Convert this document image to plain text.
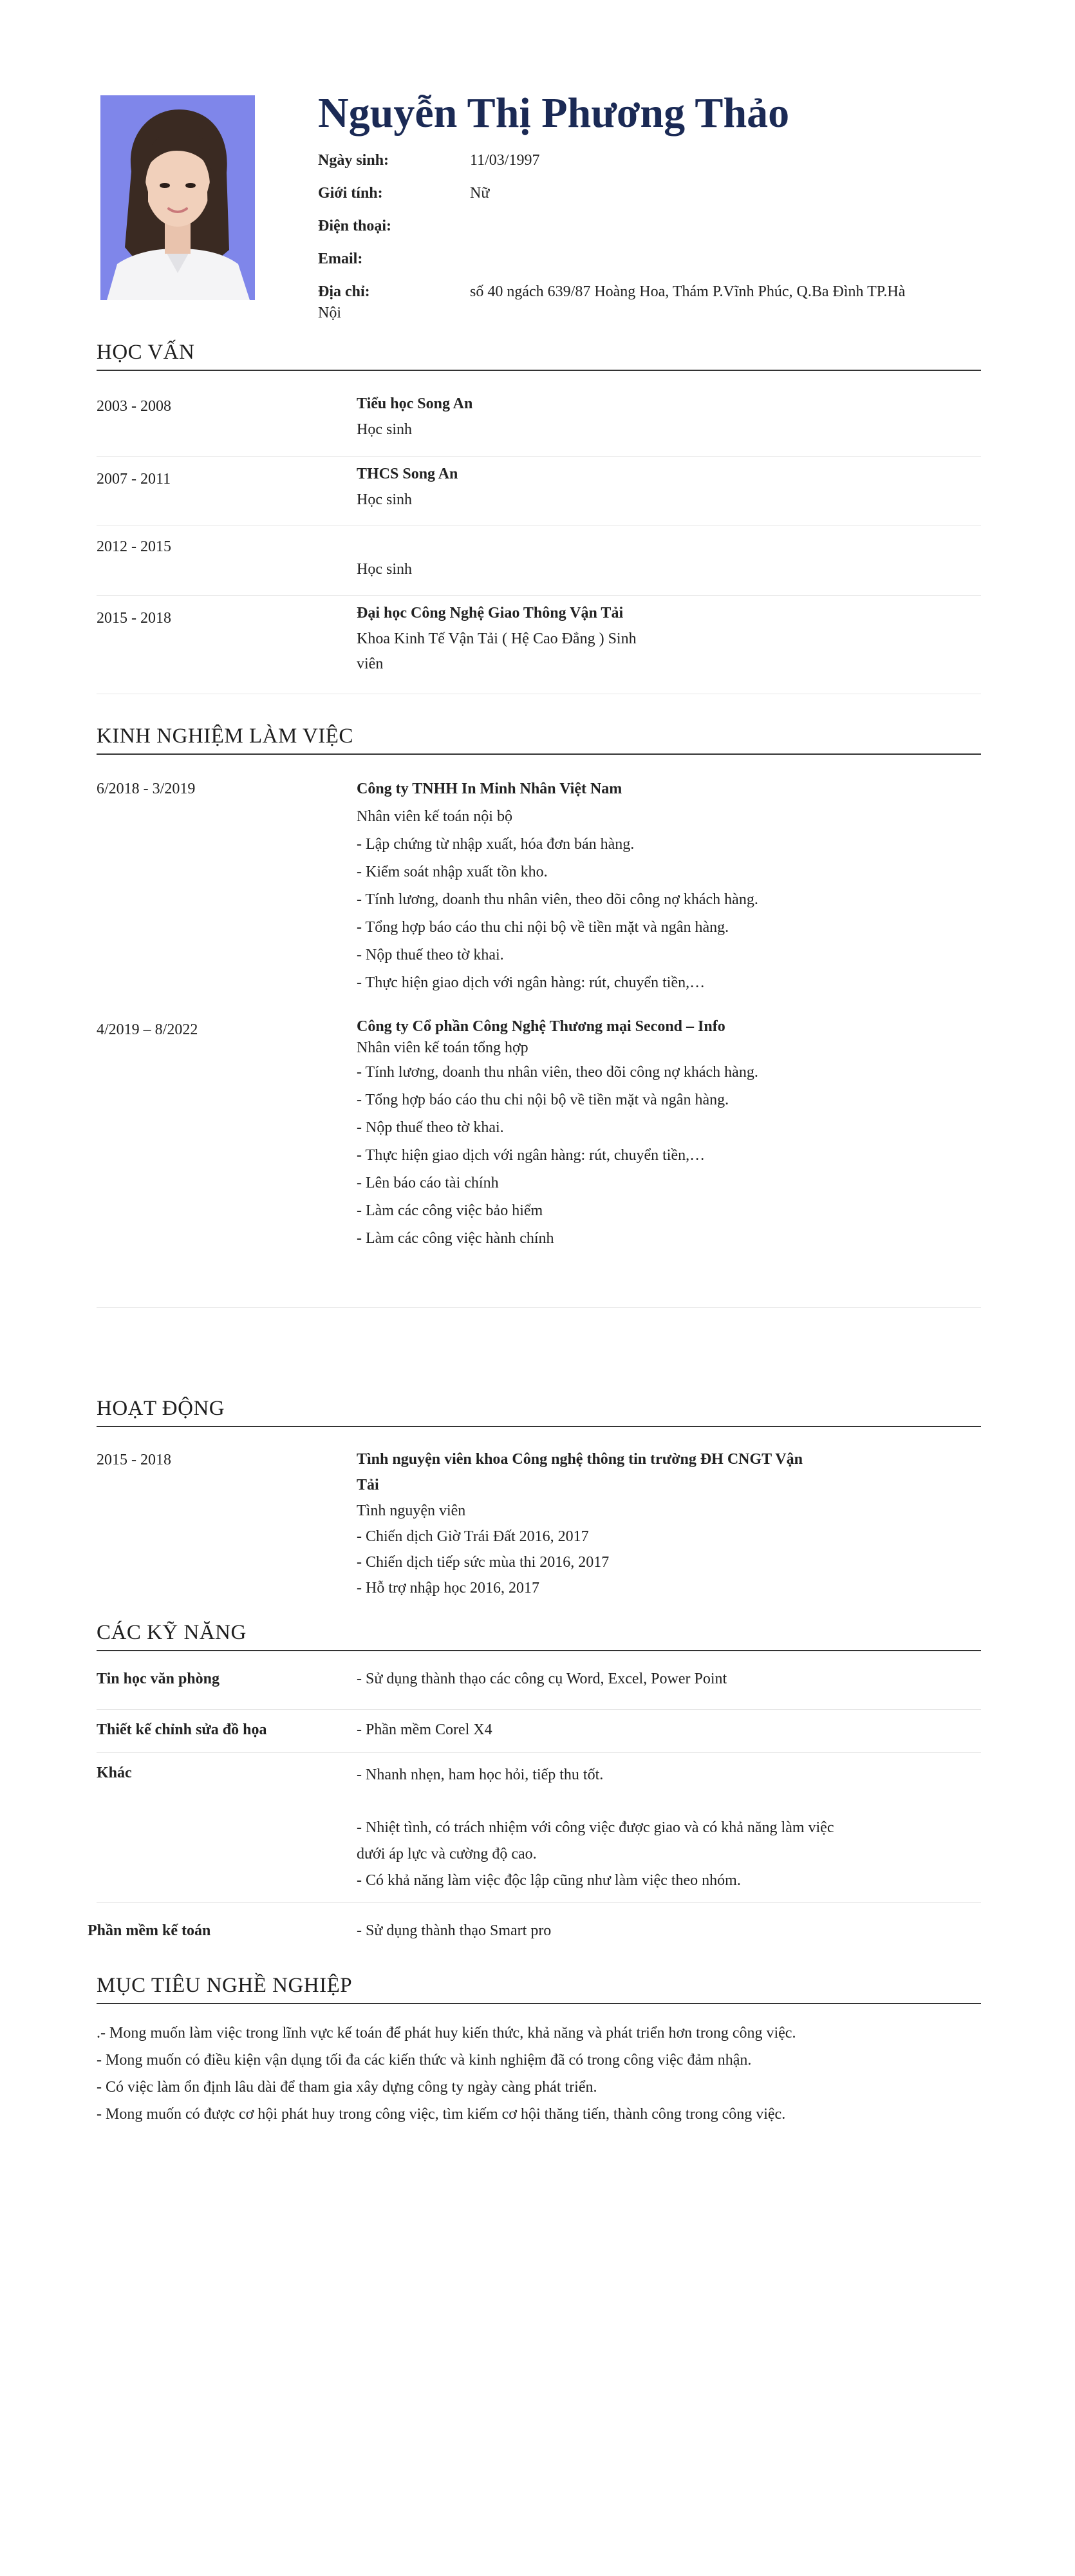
Nguyễn Thị Phương Thảo
Ngày sinh:	11/03/1997
Giới tính:	Nữ
Điện thoại:
Email:
Địa chỉ:	số 40 ngách 639/87 Hoàng Hoa, Thám P.Vĩnh Phúc, Q.Ba Đình TP.Hà
Nội
HỌC VẤN
2003 - 2008	Tiểu học Song An
Học sinh
2007 - 2011	THCS Song An
Học sinh
2012 - 2015
Học sinh
2015 - 2018	Đại học Công Nghệ Giao Thông Vận Tải
Khoa Kinh Tế Vận Tải ( Hệ Cao Đẳng ) Sinh
viên
KINH NGHIỆM LÀM VIỆC
6/2018 - 3/2019	Công ty TNHH In Minh Nhân Việt Nam
Nhân viên kế toán nội bộ
- Lập chứng từ nhập xuất, hóa đơn bán hàng.
- Kiểm soát nhập xuất tồn kho.
- Tính lương, doanh thu nhân viên, theo dõi công nợ khách hàng.
- Tổng hợp báo cáo thu chi nội bộ về tiền mặt và ngân hàng.
- Nộp thuế theo tờ khai.
- Thực hiện giao dịch với ngân hàng: rút, chuyển tiền,…
4/2019 – 8/2022	Công ty Cổ phần Công Nghệ Thương mại Second – Info
Nhân viên kế toán tổng hợp
- Tính lương, doanh thu nhân viên, theo dõi công nợ khách hàng.
- Tổng hợp báo cáo thu chi nội bộ về tiền mặt và ngân hàng.
- Nộp thuế theo tờ khai.
- Thực hiện giao dịch với ngân hàng: rút, chuyển tiền,…
- Lên báo cáo tài chính
- Làm các công việc bảo hiểm
- Làm các công việc hành chính
HOẠT ĐỘNG
2015 - 2018	Tình nguyện viên khoa Công nghệ thông tin trường ĐH CNGT Vận
Tải
Tình nguyện viên
- Chiến dịch Giờ Trái Đất 2016, 2017
- Chiến dịch tiếp sức mùa thi 2016, 2017
- Hỗ trợ nhập học 2016, 2017
CÁC KỸ NĂNG
Tin học văn phòng	- Sử dụng thành thạo các công cụ Word, Excel, Power Point
Thiết kế chỉnh sửa đồ họa	- Phần mềm Corel X4
Khác	- Nhanh nhẹn, ham học hỏi, tiếp thu tốt.
- Nhiệt tình, có trách nhiệm với công việc được giao và có khả năng làm việc
dưới áp lực và cường độ cao.
- Có khả năng làm việc độc lập cũng như làm việc theo nhóm.
Phần mềm kế toán	- Sử dụng thành thạo Smart pro
MỤC TIÊU NGHỀ NGHIỆP
.- Mong muốn làm việc trong lĩnh vực kế toán để phát huy kiến thức, khả năng và phát triển hơn trong công việc.
- Mong muốn có điều kiện vận dụng tối đa các kiến thức và kinh nghiệm đã có trong công việc đảm nhận.
- Có việc làm ổn định lâu dài để tham gia xây dựng công ty ngày càng phát triển.
- Mong muốn có được cơ hội phát huy trong công việc, tìm kiếm cơ hội thăng tiến, thành công trong công việc.
